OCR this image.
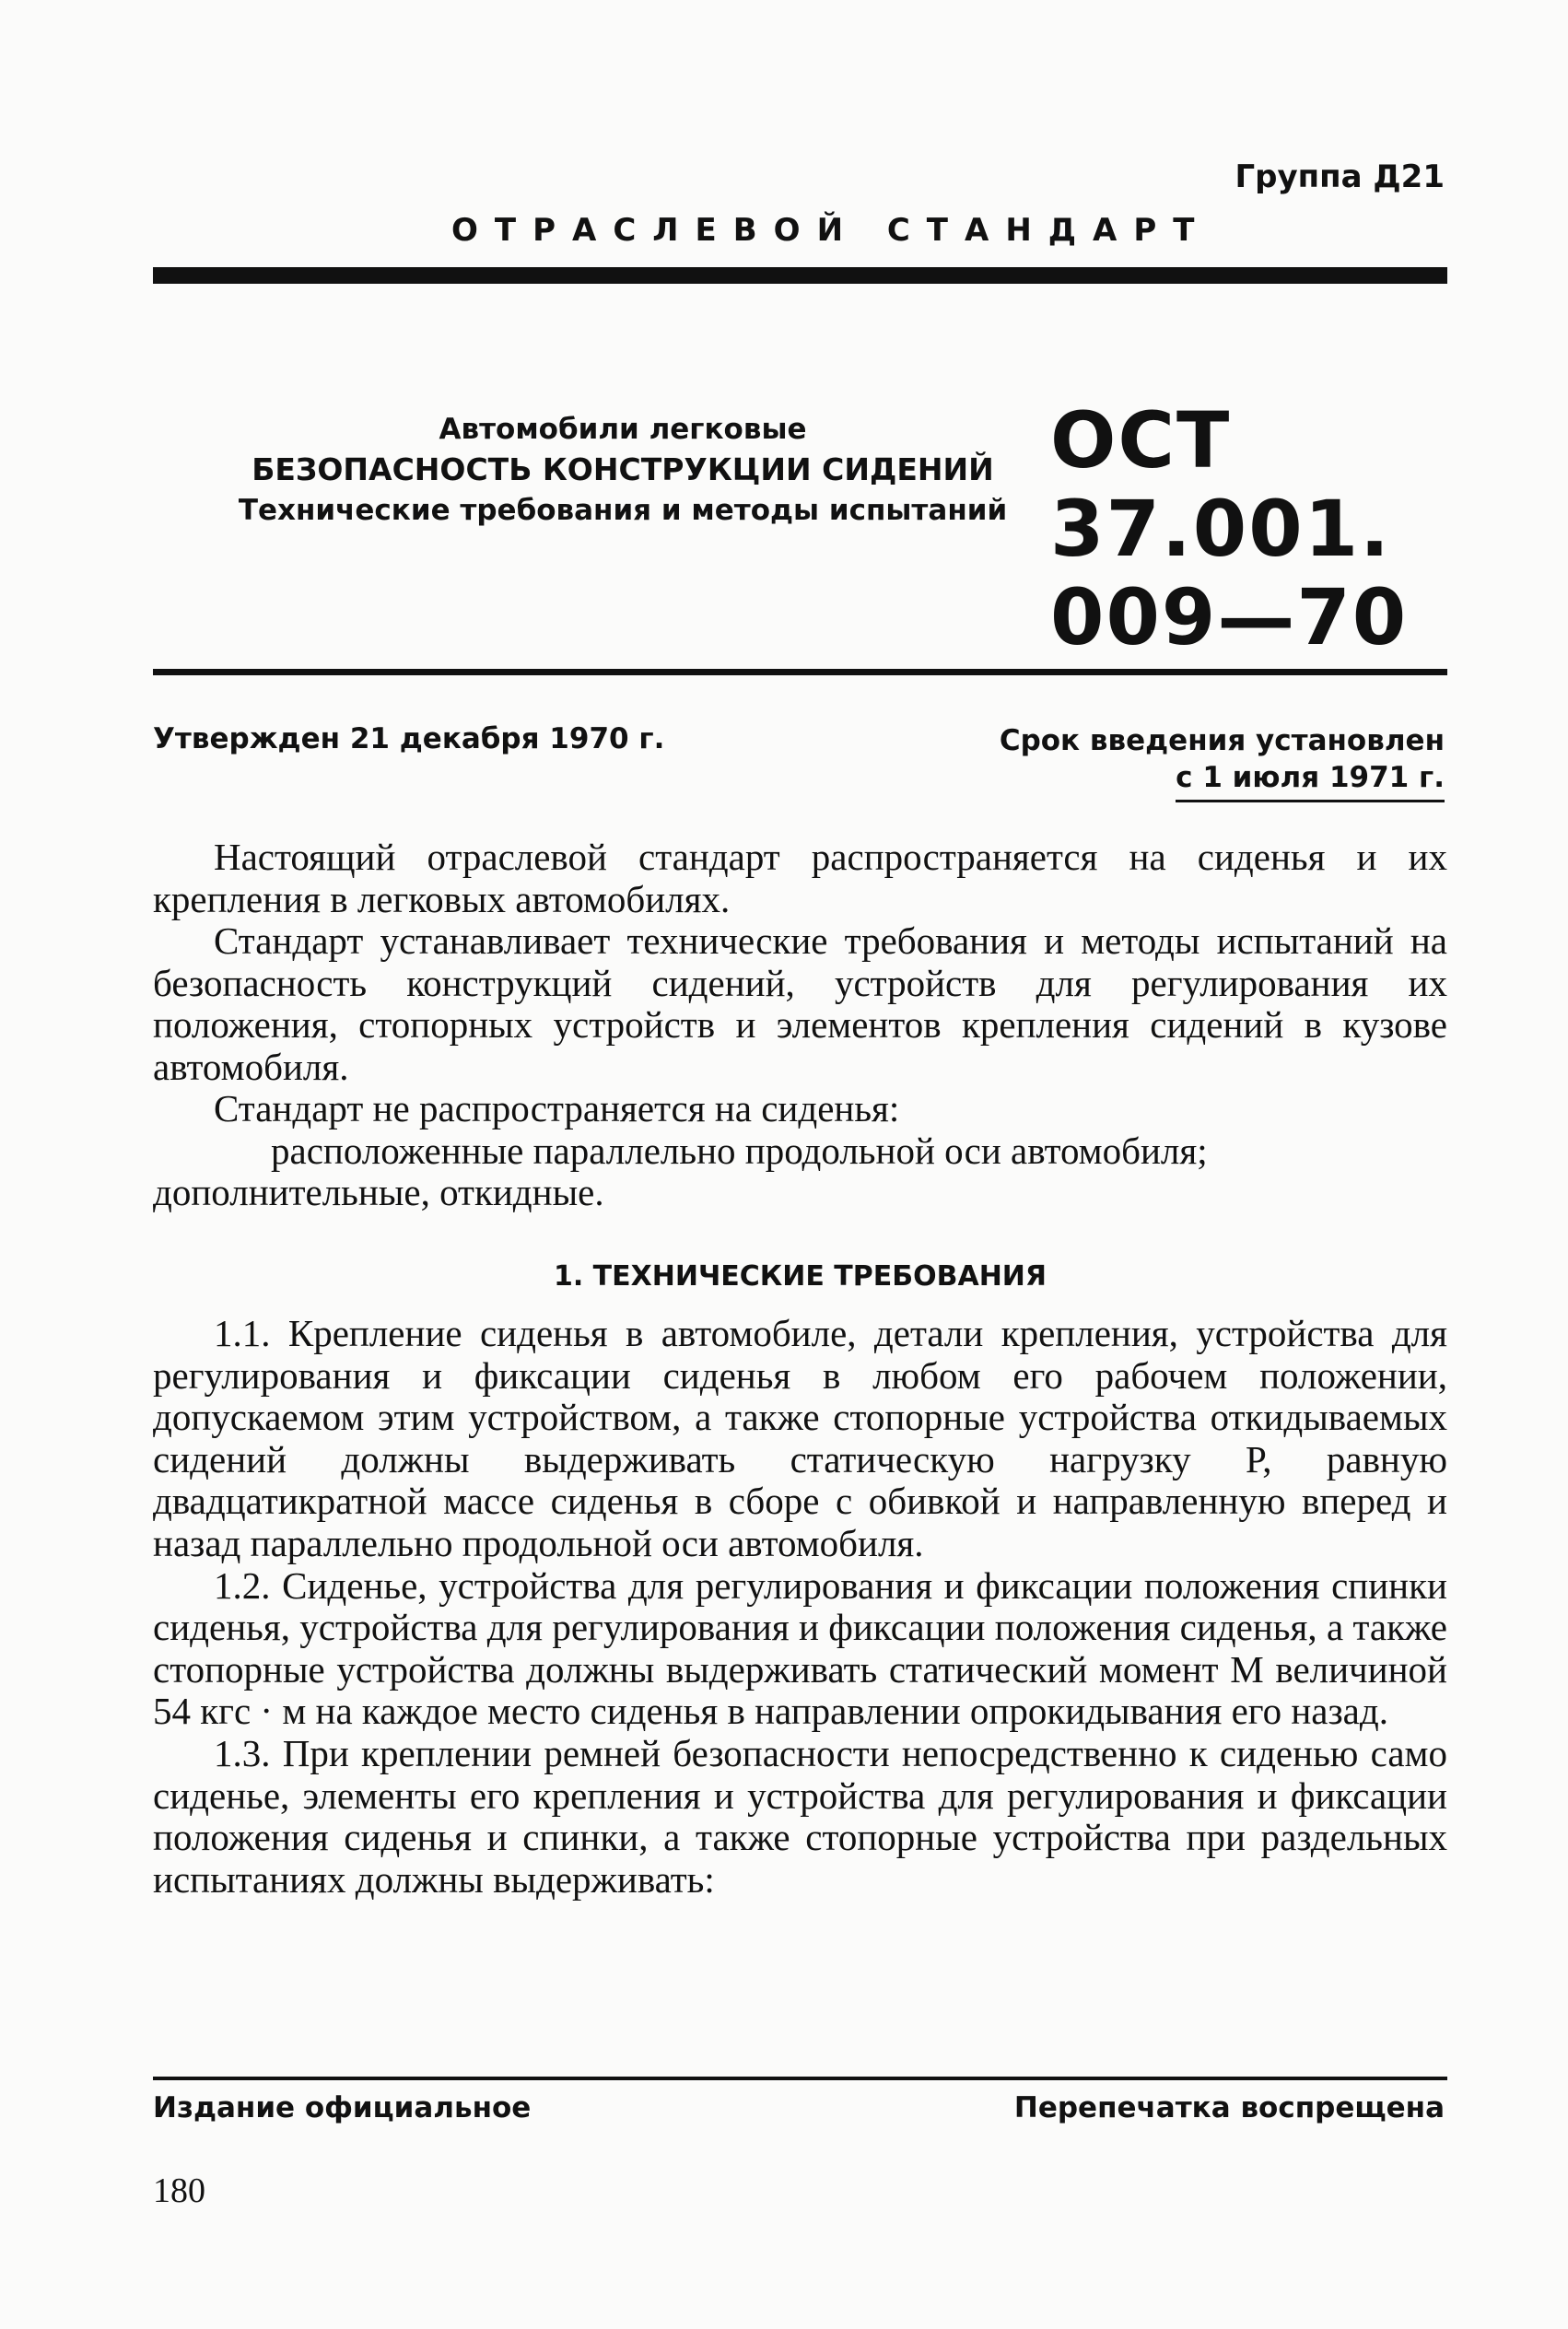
Группа Д21
ОТРАСЛЕВОЙ СТАНДАРТ
Автомобили легковые
БЕЗОПАСНОСТЬ КОНСТРУКЦИИ СИДЕНИЙ
Технические требования и методы испытаний
ОСТ 37.001.
009—70
Утвержден 21 декабря 1970 г.	Срок введения установлен
с 1 июля 1971 г.

Настоящий отраслевой стандарт распространяется на сиденья и их крепления в легковых автомобилях.

Стандарт устанавливает технические требования и методы испытаний на безопасность конструкций сидений, устройств для регулирования их положения, стопорных устройств и элементов крепления сидений в кузове автомобиля.

Стандарт не распространяется на сиденья:

расположенные параллельно продольной оси автомобиля;

дополнительные, откидные.

1. ТЕХНИЧЕСКИЕ ТРЕБОВАНИЯ

1.1. Крепление сиденья в автомобиле, детали крепления, устройства для регулирования и фиксации сиденья в любом его рабочем положении, допускаемом этим устройством, а также стопорные устройства откидываемых сидений должны выдерживать статическую нагрузку P, равную двадцатикратной массе сиденья в сборе с обивкой и направленную вперед и назад параллельно продольной оси автомобиля.

1.2. Сиденье, устройства для регулирования и фиксации положения спинки сиденья, устройства для регулирования и фиксации положения сиденья, а также стопорные устройства должны выдерживать статический момент M величиной 54 кгс · м на каждое место сиденья в направлении опрокидывания его назад.

1.3. При креплении ремней безопасности непосредственно к сиденью само сиденье, элементы его крепления и устройства для регулирования и фиксации положения сиденья и спинки, а также стопорные устройства при раздельных испытаниях должны выдерживать:

Издание официальное	Перепечатка воспрещена
180
